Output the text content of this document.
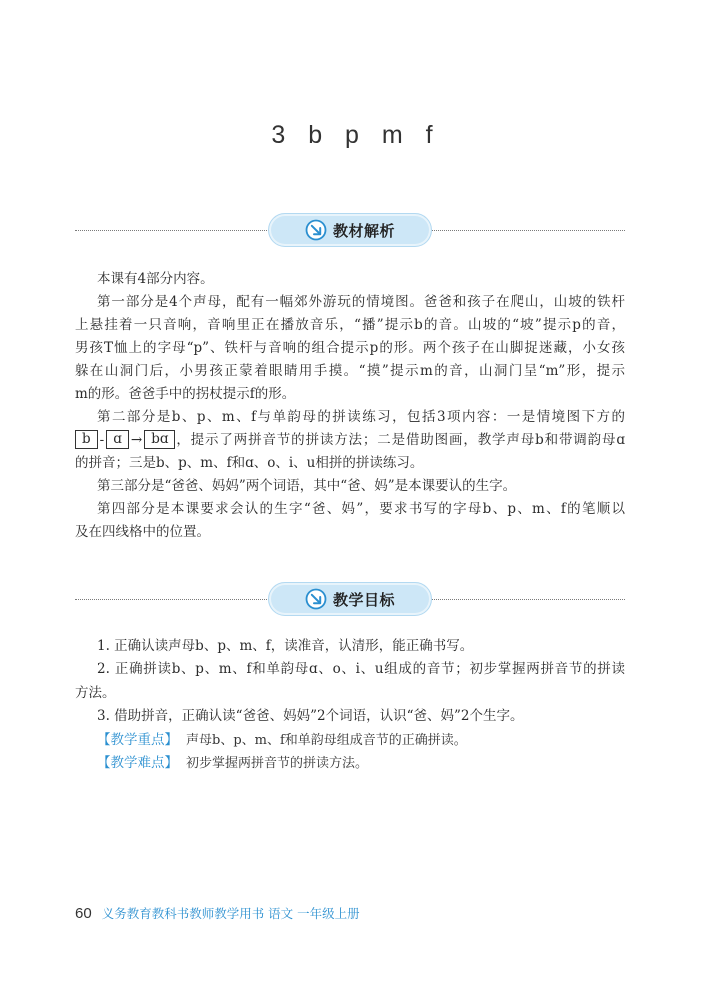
3 b p m f
教材解析
本课有4部分内容。
第一部分是4个声母，配有一幅郊外游玩的情境图。爸爸和孩子在爬山，山坡的铁杆
上悬挂着一只音响，音响里正在播放音乐，“播”提示b的音。山坡的“坡”提示p的音，
男孩T恤上的字母“p”、铁杆与音响的组合提示p的形。两个孩子在山脚捉迷藏，小女孩
躲在山洞门后，小男孩正蒙着眼睛用手摸。“摸”提示m的音，山洞门呈“m”形，提示
m的形。爸爸手中的拐杖提示f的形。
第二部分是b、p、m、f与单韵母的拼读练习，包括3项内容：一是情境图下方的
b - ɑ → bɑ ，提示了两拼音节的拼读方法；二是借助图画，教学声母b和带调韵母ɑ
的拼音；三是b、p、m、f和ɑ、o、i、u相拼的拼读练习。
第三部分是“爸爸、妈妈”两个词语，其中“爸、妈”是本课要认的生字。
第四部分是本课要求会认的生字“爸、妈”，要求书写的字母b、p、m、f的笔顺以
及在四线格中的位置。
教学目标
1. 正确认读声母b、p、m、f，读准音，认清形，能正确书写。
2. 正确拼读b、p、m、f和单韵母ɑ、o、i、u组成的音节；初步掌握两拼音节的拼读
方法。
3. 借助拼音，正确认读“爸爸、妈妈”2个词语，认识“爸、妈”2个生字。
【教学重点】 声母b、p、m、f和单韵母组成音节的正确拼读。
【教学难点】 初步掌握两拼音节的拼读方法。
60 义务教育教科书教师教学用书 语文 一年级上册
